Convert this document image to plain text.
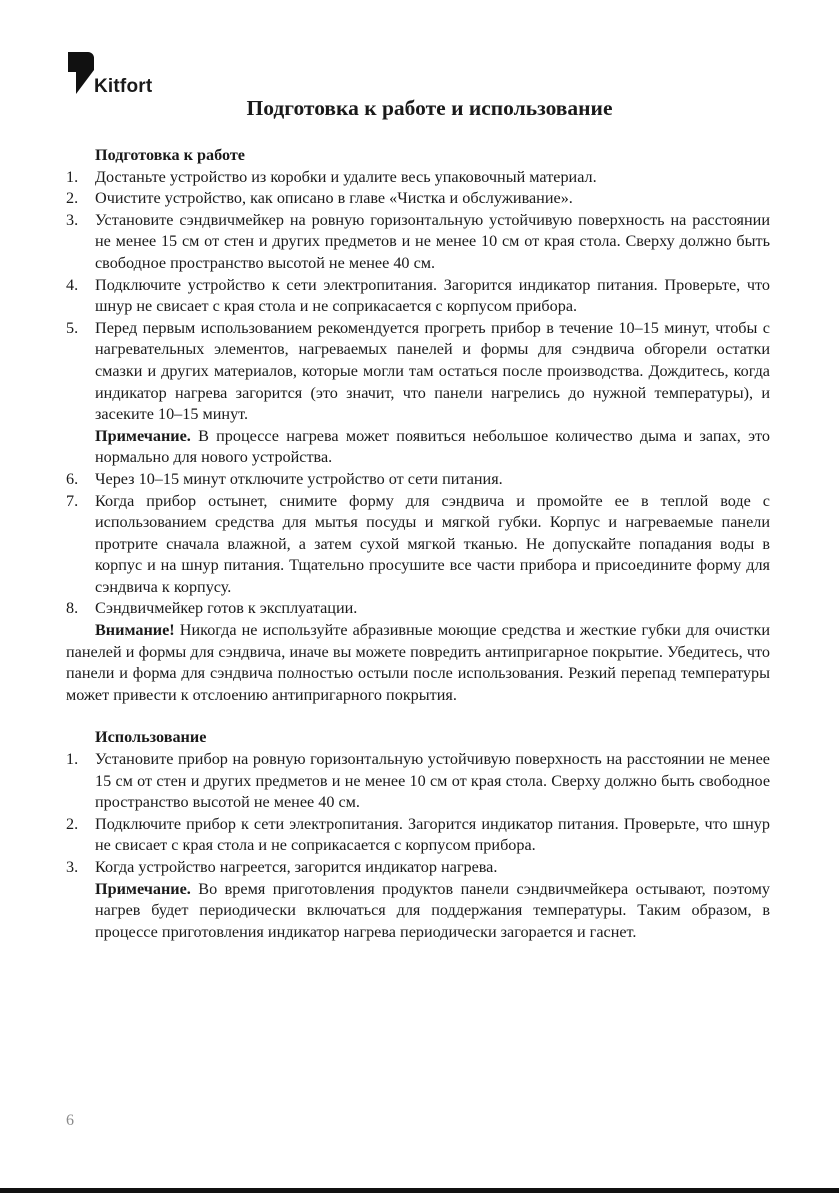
Kitfort
Подготовка к работе и использование
Подготовка к работе
1. Достаньте устройство из коробки и удалите весь упаковочный материал.
2. Очистите устройство, как описано в главе «Чистка и обслуживание».
3. Установите сэндвичмейкер на ровную горизонтальную устойчивую поверхность на расстоянии не менее 15 см от стен и других предметов и не менее 10 см от края стола. Сверху должно быть свободное пространство высотой не менее 40 см.
4. Подключите устройство к сети электропитания. Загорится индикатор питания. Проверьте, что шнур не свисает с края стола и не соприкасается с корпусом прибора.
5. Перед первым использованием рекомендуется прогреть прибор в течение 10–15 минут, чтобы с нагревательных элементов, нагреваемых панелей и формы для сэндвича обгорели остатки смазки и других материалов, которые могли там остаться после производства. Дождитесь, когда индикатор нагрева загорится (это значит, что панели нагрелись до нужной температуры), и засеките 10–15 минут.
Примечание. В процессе нагрева может появиться небольшое количество дыма и запах, это нормально для нового устройства.
6. Через 10–15 минут отключите устройство от сети питания.
7. Когда прибор остынет, снимите форму для сэндвича и промойте ее в теплой воде с использованием средства для мытья посуды и мягкой губки. Корпус и нагреваемые панели протрите сначала влажной, а затем сухой мягкой тканью. Не допускайте попадания воды в корпус и на шнур питания. Тщательно просушите все части прибора и присоедините форму для сэндвича к корпусу.
8. Сэндвичмейкер готов к эксплуатации.
Внимание! Никогда не используйте абразивные моющие средства и жесткие губки для очистки панелей и формы для сэндвича, иначе вы можете повредить антипригарное покрытие. Убедитесь, что панели и форма для сэндвича полностью остыли после использования. Резкий перепад температуры может привести к отслоению антипригарного покрытия.
Использование
1. Установите прибор на ровную горизонтальную устойчивую поверхность на расстоянии не менее 15 см от стен и других предметов и не менее 10 см от края стола. Сверху должно быть свободное пространство высотой не менее 40 см.
2. Подключите прибор к сети электропитания. Загорится индикатор питания. Проверьте, что шнур не свисает с края стола и не соприкасается с корпусом прибора.
3. Когда устройство нагреется, загорится индикатор нагрева.
Примечание. Во время приготовления продуктов панели сэндвичмейкера остывают, поэтому нагрев будет периодически включаться для поддержания температуры. Таким образом, в процессе приготовления индикатор нагрева периодически загорается и гаснет.
6
